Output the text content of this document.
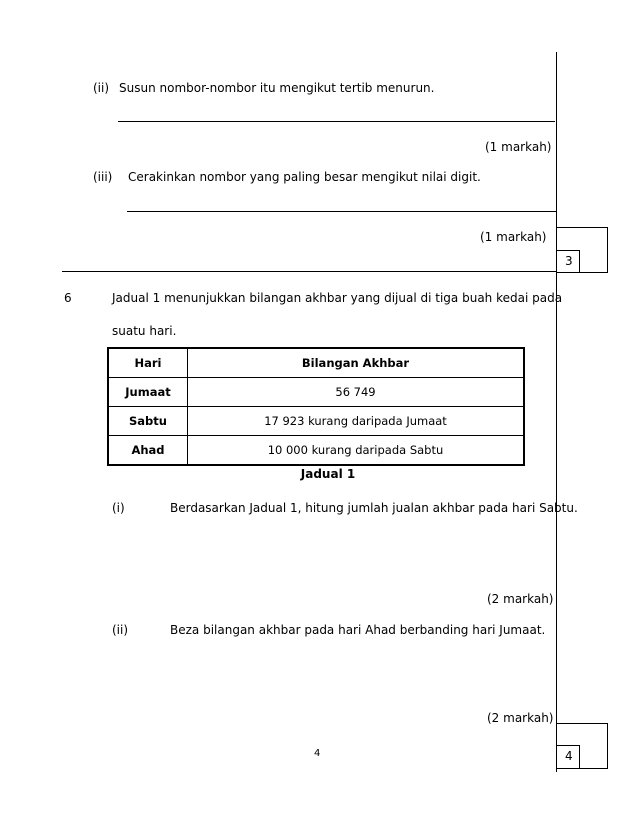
(ii) Susun nombor-nombor itu mengikut tertib menurun.
(1 markah)
(iii) Cerakinkan nombor yang paling besar mengikut nilai digit.
(1 markah)
3
6	Jadual 1 menunjukkan bilangan akhbar yang dijual di tiga buah kedai pada
suatu hari.
Hari	Bilangan Akhbar
Jumaat	56 749
Sabtu	17 923 kurang daripada Jumaat
Ahad	10 000 kurang daripada Sabtu
Jadual 1
(i)	Berdasarkan Jadual 1, hitung jumlah jualan akhbar pada hari Sabtu.
(2 markah)
(ii)	Beza bilangan akhbar pada hari Ahad berbanding hari Jumaat.
(2 markah)
4	4
